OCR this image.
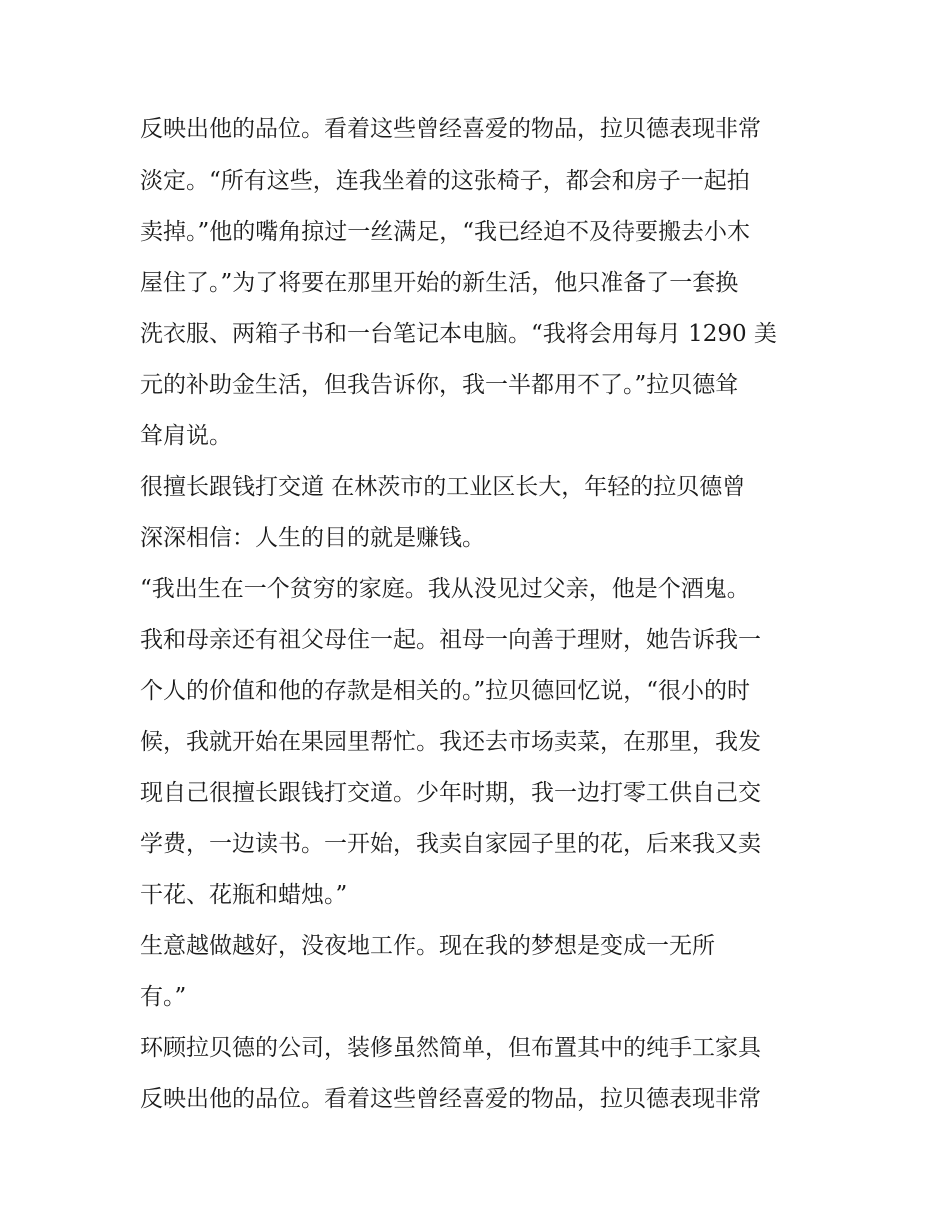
反映出他的品位。看着这些曾经喜爱的物品，拉贝德表现非常

淡定。“所有这些，连我坐着的这张椅子，都会和房子一起拍

卖掉。”他的嘴角掠过一丝满足，“我已经迫不及待要搬去小木

屋住了。”为了将要在那里开始的新生活，他只准备了一套换

洗衣服、两箱子书和一台笔记本电脑。“我将会用每月 1290 美

元的补助金生活，但我告诉你，我一半都用不了。”拉贝德耸

耸肩说。

很擅长跟钱打交道 在林茨市的工业区长大，年轻的拉贝德曾

深深相信：人生的目的就是赚钱。

“我出生在一个贫穷的家庭。我从没见过父亲，他是个酒鬼。

我和母亲还有祖父母住一起。祖母一向善于理财，她告诉我一

个人的价值和他的存款是相关的。”拉贝德回忆说，“很小的时

候，我就开始在果园里帮忙。我还去市场卖菜，在那里，我发

现自己很擅长跟钱打交道。少年时期，我一边打零工供自己交

学费，一边读书。一开始，我卖自家园子里的花，后来我又卖

干花、花瓶和蜡烛。”

生意越做越好，没夜地工作。现在我的梦想是变成一无所

有。”

环顾拉贝德的公司，装修虽然简单，但布置其中的纯手工家具

反映出他的品位。看着这些曾经喜爱的物品，拉贝德表现非常
